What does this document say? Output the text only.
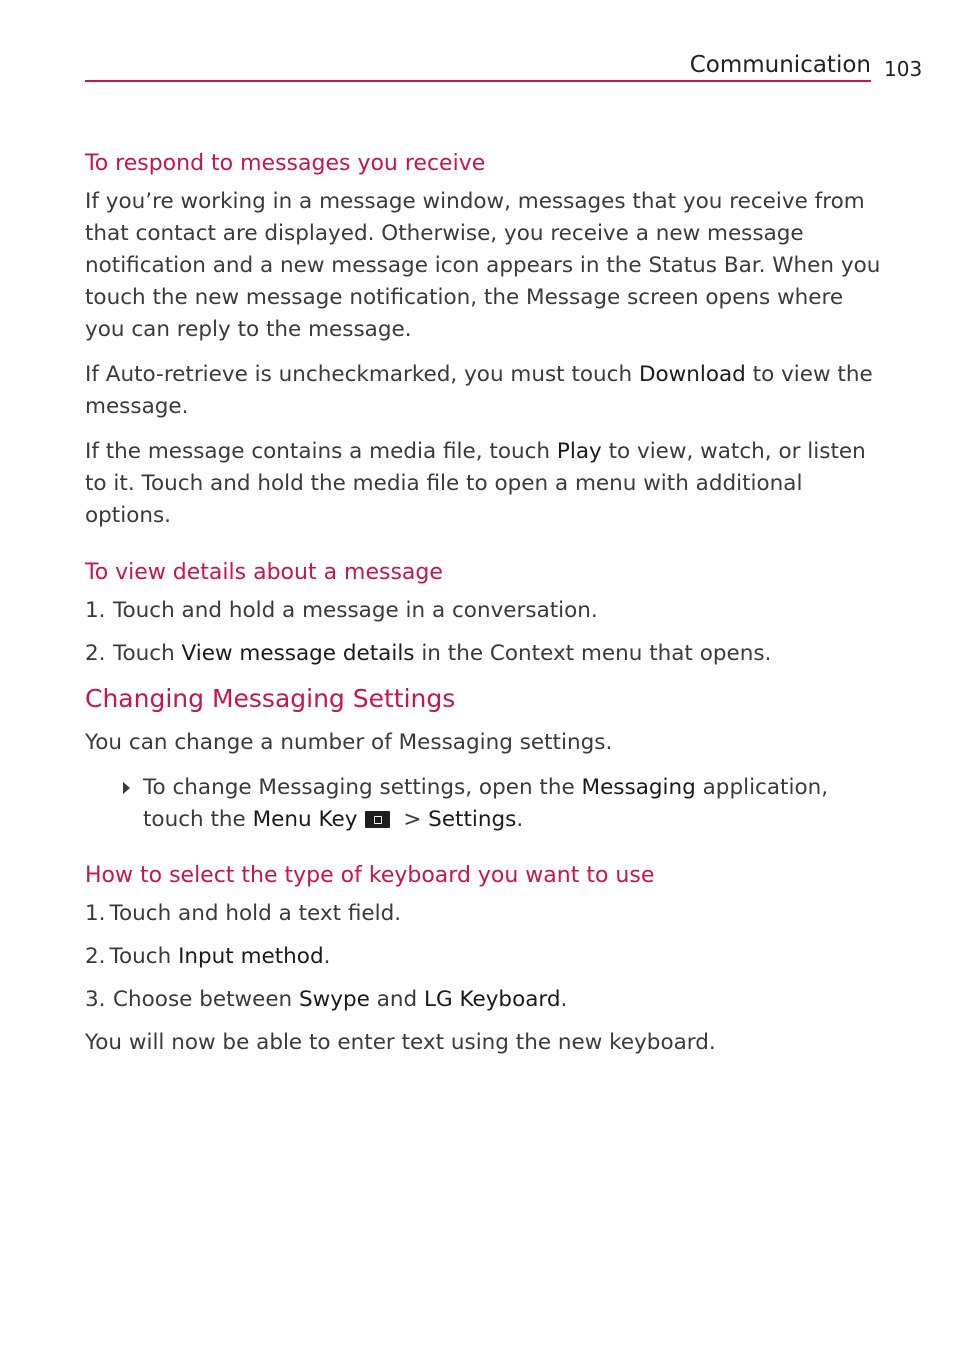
Communication 103
To respond to messages you receive

If you’re working in a message window, messages that you receive from that contact are displayed. Otherwise, you receive a new message notification and a new message icon appears in the Status Bar. When you touch the new message notification, the Message screen opens where you can reply to the message.

If Auto-retrieve is uncheckmarked, you must touch Download to view the message.

If the message contains a media file, touch Play to view, watch, or listen to it. Touch and hold the media file to open a menu with additional options.

To view details about a message
1. Touch and hold a message in a conversation.
2. Touch View message details in the Context menu that opens.
Changing Messaging Settings

You can change a number of Messaging settings.

To change Messaging settings, open the Messaging application, touch the Menu Key > Settings.
How to select the type of keyboard you want to use
1. Touch and hold a text field.
2. Touch Input method.
3. Choose between Swype and LG Keyboard.

You will now be able to enter text using the new keyboard.
